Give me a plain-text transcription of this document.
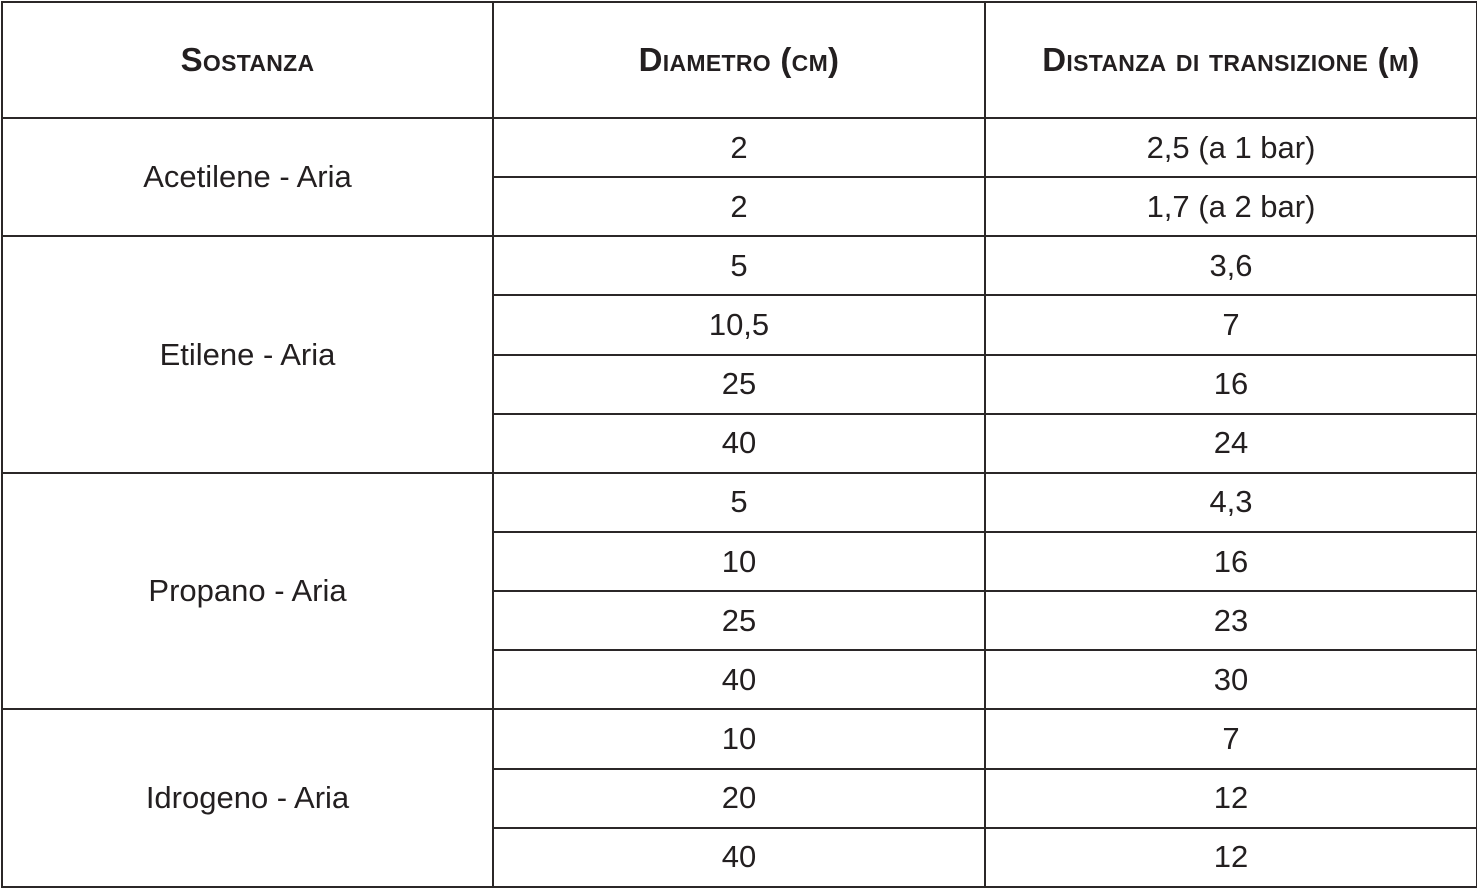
Sostanza	Diametro (cm)	Distanza di transizione (m)
Acetilene - Aria	2	2,5 (a 1 bar)
	2	1,7 (a 2 bar)
Etilene - Aria	5	3,6
	10,5	7
	25	16
	40	24
Propano - Aria	5	4,3
	10	16
	25	23
	40	30
Idrogeno - Aria	10	7
	20	12
	40	12
